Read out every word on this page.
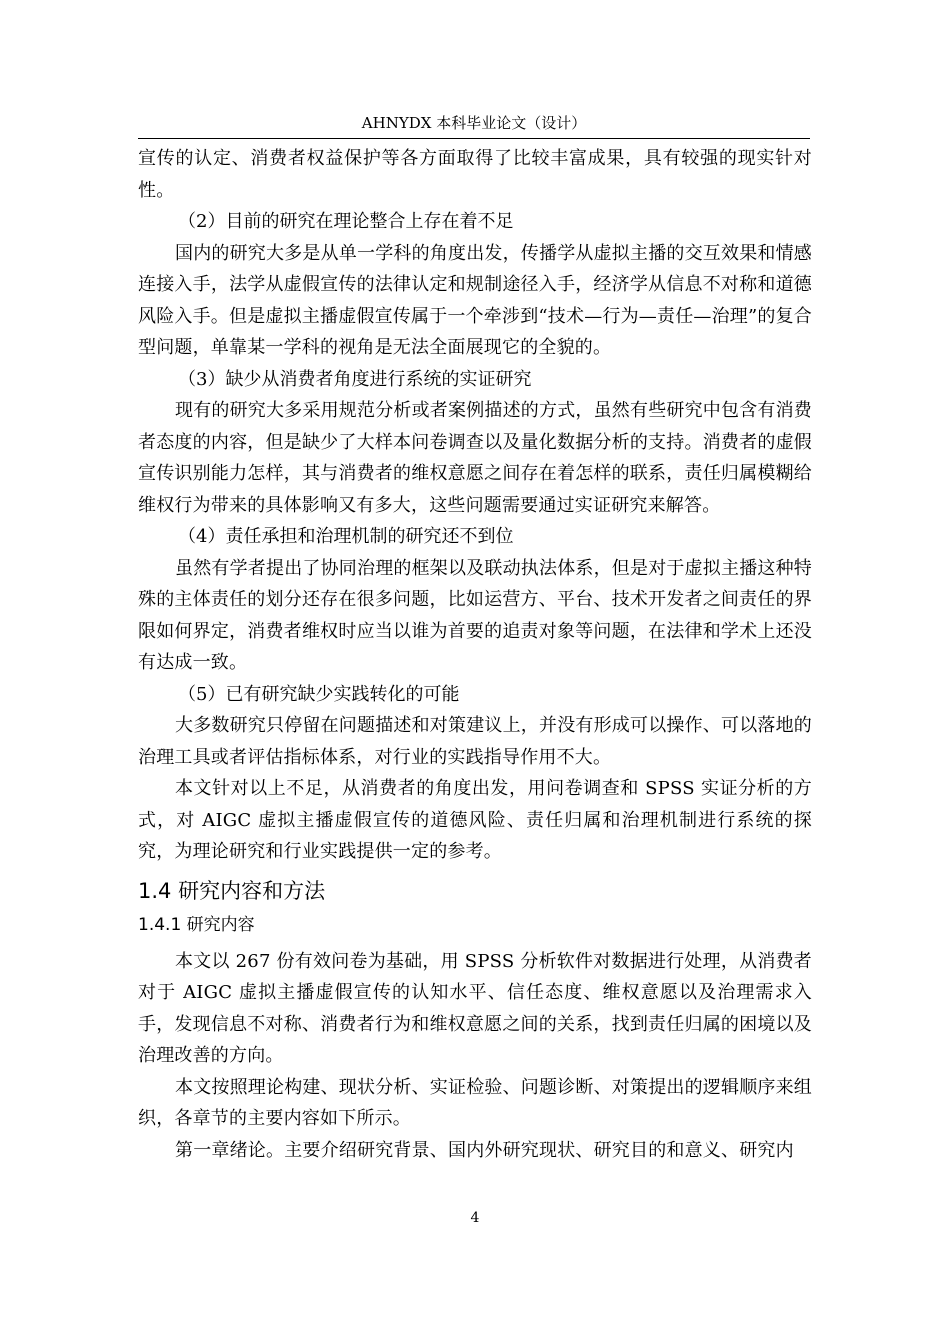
AHNYDX 本科毕业论文（设计）

宣传的认定、消费者权益保护等各方面取得了比较丰富成果，具有较强的现实针对性。

（2）目前的研究在理论整合上存在着不足

国内的研究大多是从单一学科的角度出发，传播学从虚拟主播的交互效果和情感连接入手，法学从虚假宣传的法律认定和规制途径入手，经济学从信息不对称和道德风险入手。但是虚拟主播虚假宣传属于一个牵涉到“技术—行为—责任—治理”的复合型问题，单靠某一学科的视角是无法全面展现它的全貌的。

（3）缺少从消费者角度进行系统的实证研究

现有的研究大多采用规范分析或者案例描述的方式，虽然有些研究中包含有消费者态度的内容，但是缺少了大样本问卷调查以及量化数据分析的支持。消费者的虚假宣传识别能力怎样，其与消费者的维权意愿之间存在着怎样的联系，责任归属模糊给维权行为带来的具体影响又有多大，这些问题需要通过实证研究来解答。

（4）责任承担和治理机制的研究还不到位

虽然有学者提出了协同治理的框架以及联动执法体系，但是对于虚拟主播这种特殊的主体责任的划分还存在很多问题，比如运营方、平台、技术开发者之间责任的界限如何界定，消费者维权时应当以谁为首要的追责对象等问题，在法律和学术上还没有达成一致。

（5）已有研究缺少实践转化的可能

大多数研究只停留在问题描述和对策建议上，并没有形成可以操作、可以落地的治理工具或者评估指标体系，对行业的实践指导作用不大。

本文针对以上不足，从消费者的角度出发，用问卷调查和 SPSS 实证分析的方式，对 AIGC 虚拟主播虚假宣传的道德风险、责任归属和治理机制进行系统的探究，为理论研究和行业实践提供一定的参考。

1.4 研究内容和方法
1.4.1 研究内容

本文以 267 份有效问卷为基础，用 SPSS 分析软件对数据进行处理，从消费者对于 AIGC 虚拟主播虚假宣传的认知水平、信任态度、维权意愿以及治理需求入手，发现信息不对称、消费者行为和维权意愿之间的关系，找到责任归属的困境以及治理改善的方向。

本文按照理论构建、现状分析、实证检验、问题诊断、对策提出的逻辑顺序来组织，各章节的主要内容如下所示。

第一章绪论。主要介绍研究背景、国内外研究现状、研究目的和意义、研究内

4
